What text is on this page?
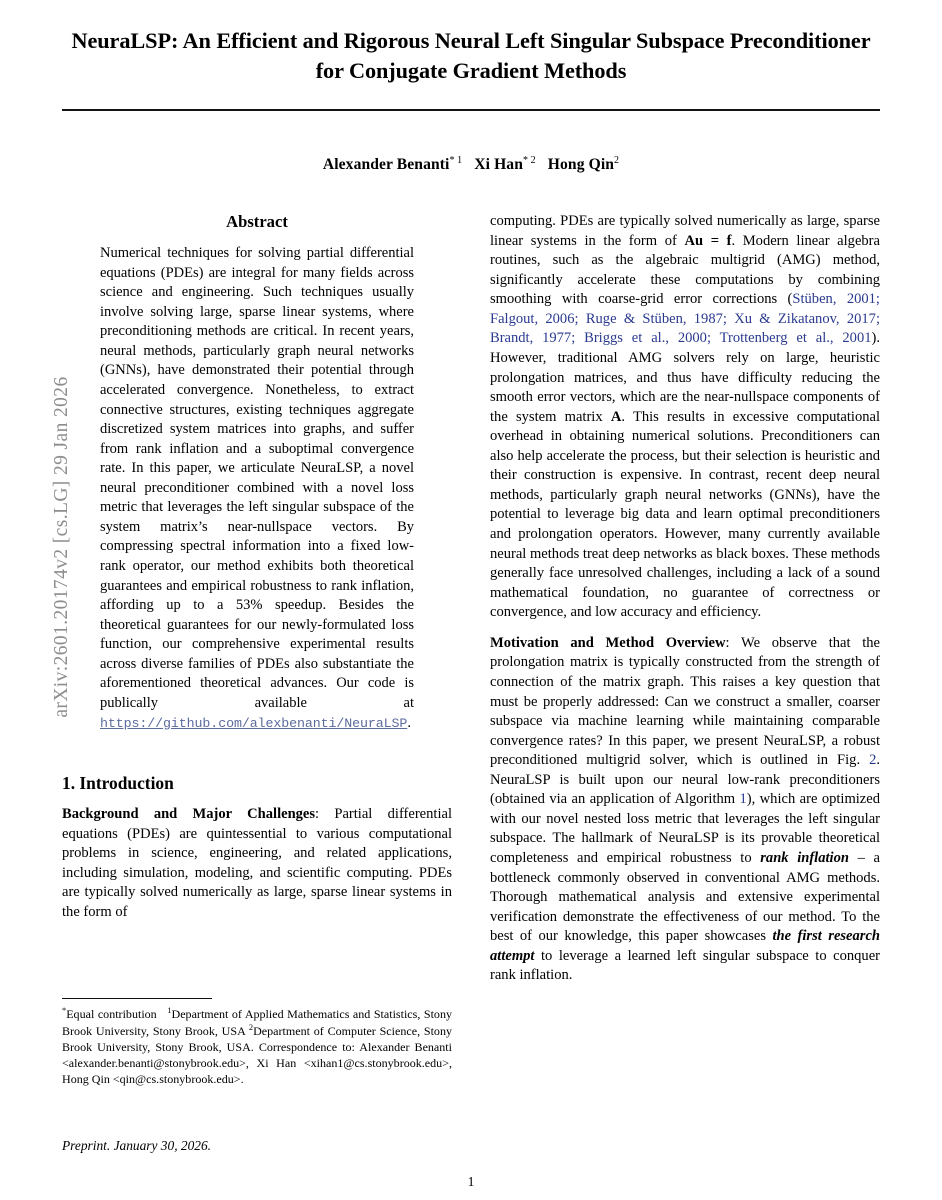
arXiv:2601.20174v2 [cs.LG] 29 Jan 2026
NeuraLSP: An Efficient and Rigorous Neural Left Singular Subspace Preconditioner for Conjugate Gradient Methods
Alexander Benanti$^{* 1}$ Xi Han$^{* 2}$ Hong Qin$^2$
Abstract
Numerical techniques for solving partial differential equations (PDEs) are integral for many fields across science and engineering. Such techniques usually involve solving large, sparse linear systems, where preconditioning methods are critical. In recent years, neural methods, particularly graph neural networks (GNNs), have demonstrated their potential through accelerated convergence. Nonetheless, to extract connective structures, existing techniques aggregate discretized system matrices into graphs, and suffer from rank inflation and a suboptimal convergence rate. In this paper, we articulate NeuraLSP, a novel neural preconditioner combined with a novel loss metric that leverages the left singular subspace of the system matrix’s near-nullspace vectors. By compressing spectral information into a fixed low-rank operator, our method exhibits both theoretical guarantees and empirical robustness to rank inflation, affording up to a 53% speedup. Besides the theoretical guarantees for our newly-formulated loss function, our comprehensive experimental results across diverse families of PDEs also substantiate the aforementioned theoretical advances. Our code is publically available at https://github.com/alexbenanti/NeuraLSP.
1. Introduction

Background and Major Challenges: Partial differential equations (PDEs) are quintessential to various computational problems in science, engineering, and related applications, including simulation, modeling, and scientific computing. PDEs are typically solved numerically as large, sparse linear systems in the form of

computing. PDEs are typically solved numerically as large, sparse linear systems in the form of Au = f. Modern linear algebra routines, such as the algebraic multigrid (AMG) method, significantly accelerate these computations by combining smoothing with coarse-grid error corrections (Stüben, 2001; Falgout, 2006; Ruge & Stüben, 1987; Xu & Zikatanov, 2017; Brandt, 1977; Briggs et al., 2000; Trottenberg et al., 2001). However, traditional AMG solvers rely on large, heuristic prolongation matrices, and thus have difficulty reducing the smooth error vectors, which are the near-nullspace components of the system matrix A. This results in excessive computational overhead in obtaining numerical solutions. Preconditioners can also help accelerate the process, but their selection is heuristic and their construction is expensive. In contrast, recent deep neural methods, particularly graph neural networks (GNNs), have the potential to leverage big data and learn optimal preconditioners and prolongation operators. However, many currently available neural methods treat deep networks as black boxes. These methods generally face unresolved challenges, including a lack of a sound mathematical foundation, no guarantee of correctness or convergence, and low accuracy and efficiency.

Motivation and Method Overview: We observe that the prolongation matrix is typically constructed from the strength of connection of the matrix graph. This raises a key question that must be properly addressed: Can we construct a smaller, coarser subspace via machine learning while maintaining comparable convergence rates? In this paper, we present NeuraLSP, a robust preconditioned multigrid solver, which is outlined in Fig. 2. NeuraLSP is built upon our neural low-rank preconditioners (obtained via an application of Algorithm 1), which are optimized with our novel nested loss metric that leverages the left singular subspace. The hallmark of NeuraLSP is its provable theoretical completeness and empirical robustness to rank inflation – a bottleneck commonly observed in conventional AMG methods. Thorough mathematical analysis and extensive experimental verification demonstrate the effectiveness of our method. To the best of our knowledge, this paper showcases the first research attempt to leverage a learned left singular subspace to conquer rank inflation.

*Equal contribution $^1$Department of Applied Mathematics and Statistics, Stony Brook University, Stony Brook, USA $^2$Department of Computer Science, Stony Brook University, Stony Brook, USA. Correspondence to: Alexander Benanti <alexander.benanti@stonybrook.edu>, Xi Han <xihan1@cs.stonybrook.edu>, Hong Qin <qin@cs.stonybrook.edu>.
Preprint. January 30, 2026.
1
